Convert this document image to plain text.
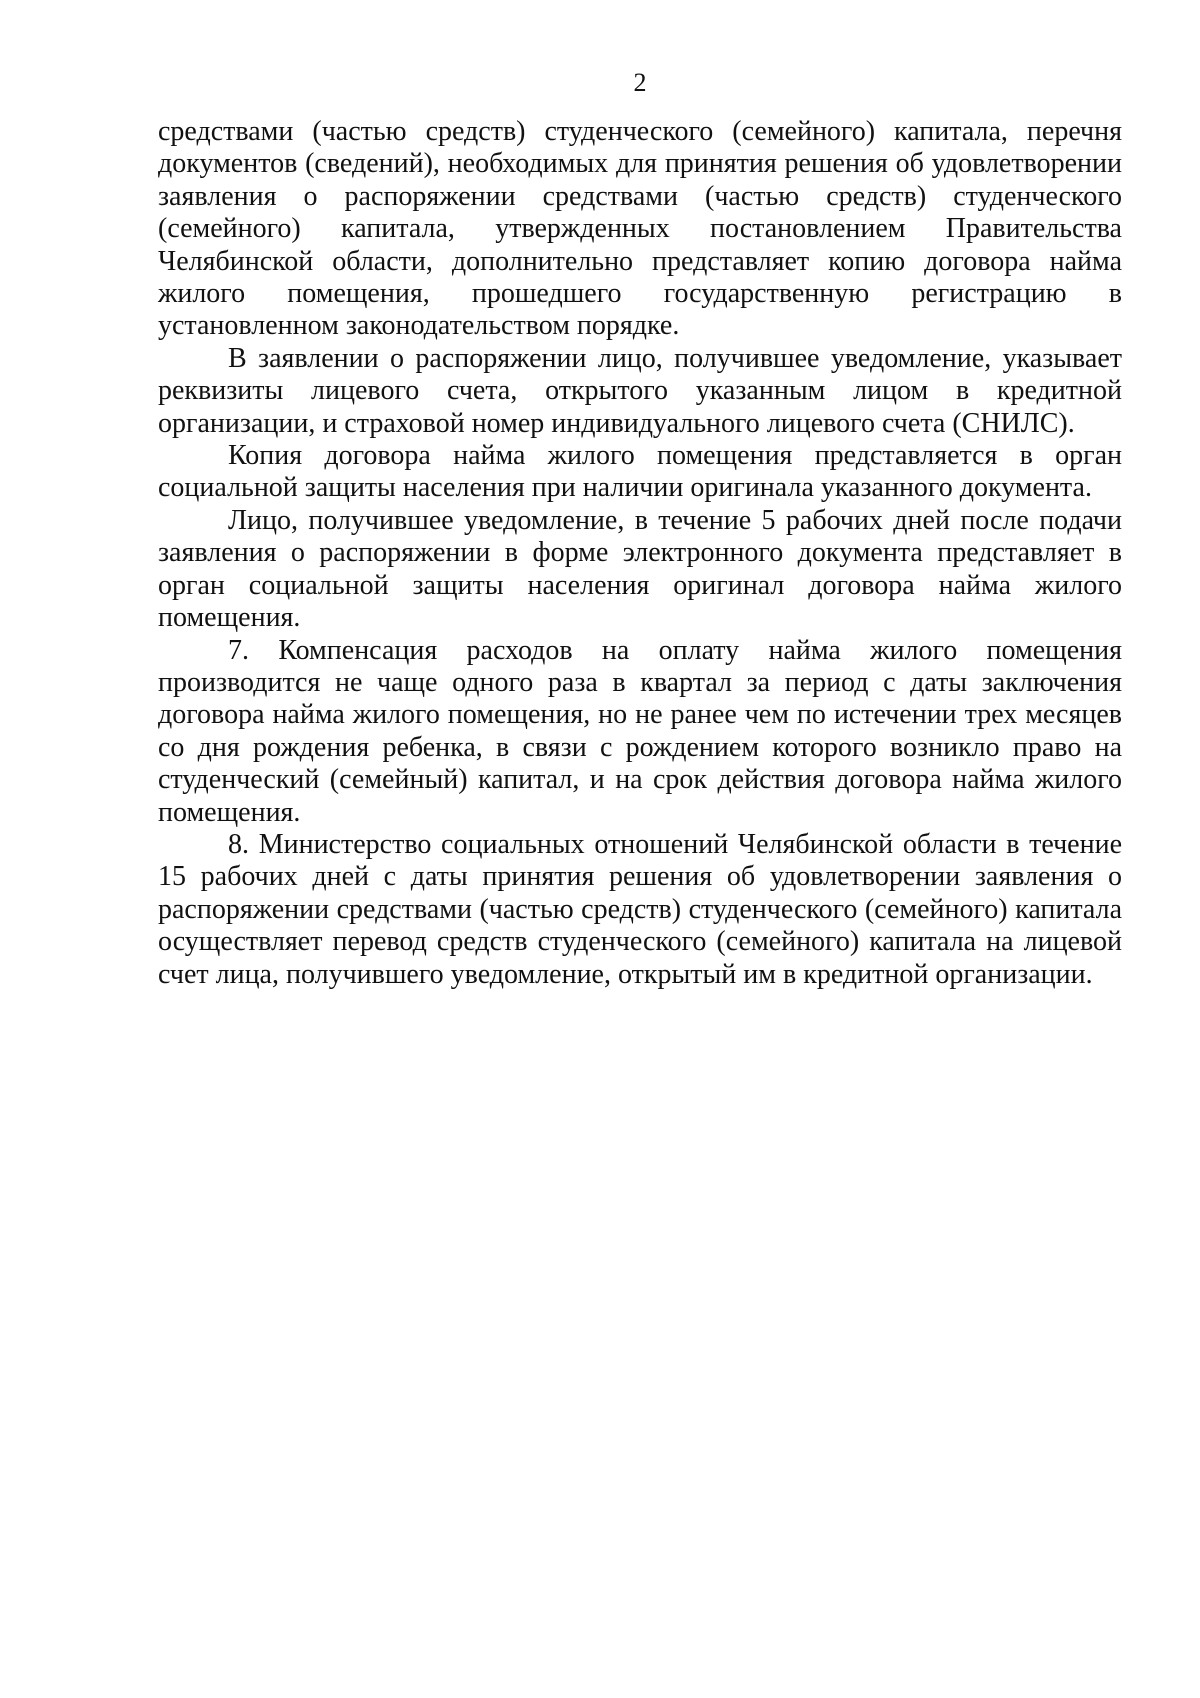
2

средствами (частью средств) студенческого (семейного) капитала, перечня документов (сведений), необходимых для принятия решения об удовлетворении заявления о распоряжении средствами (частью средств) студенческого (семейного) капитала, утвержденных постановлением Правительства Челябинской области, дополнительно представляет копию договора найма жилого помещения, прошедшего государственную регистрацию в установленном законодательством порядке.

В заявлении о распоряжении лицо, получившее уведомление, указывает реквизиты лицевого счета, открытого указанным лицом в кредитной организации, и страховой номер индивидуального лицевого счета (СНИЛС).

Копия договора найма жилого помещения представляется в орган социальной защиты населения при наличии оригинала указанного документа.

Лицо, получившее уведомление, в течение 5 рабочих дней после подачи заявления о распоряжении в форме электронного документа представляет в орган социальной защиты населения оригинал договора найма жилого помещения.

7. Компенсация расходов на оплату найма жилого помещения производится не чаще одного раза в квартал за период с даты заключения договора найма жилого помещения, но не ранее чем по истечении трех месяцев со дня рождения ребенка, в связи с рождением которого возникло право на студенческий (семейный) капитал, и на срок действия договора найма жилого помещения.

8. Министерство социальных отношений Челябинской области в течение 15 рабочих дней с даты принятия решения об удовлетворении заявления о распоряжении средствами (частью средств) студенческого (семейного) капитала осуществляет перевод средств студенческого (семейного) капитала на лицевой счет лица, получившего уведомление, открытый им в кредитной организации.
